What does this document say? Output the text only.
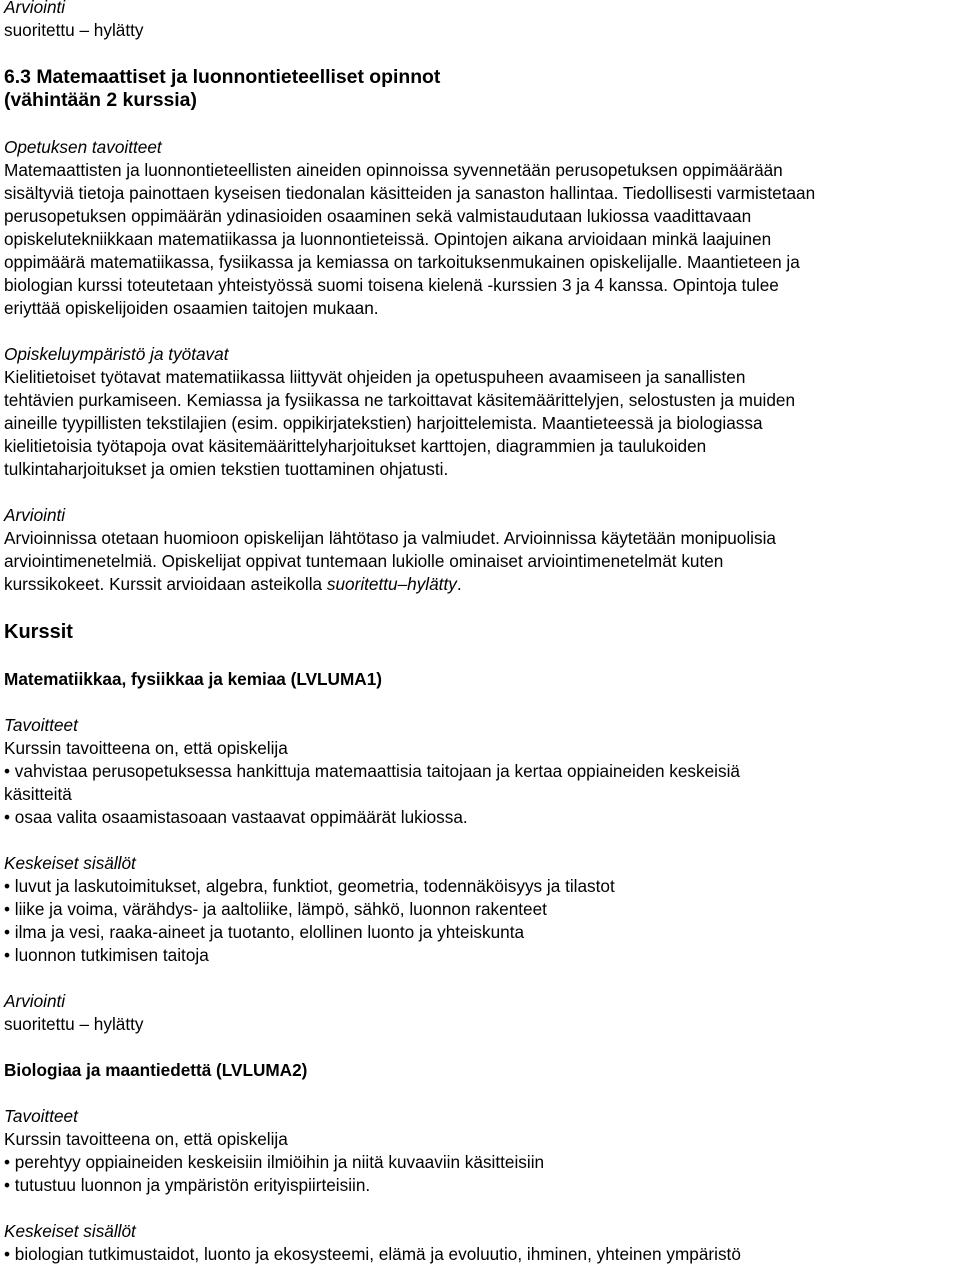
Arviointi
suoritettu – hylätty
6.3 Matemaattiset ja luonnontieteelliset opinnot
(vähintään 2 kurssia)
Opetuksen tavoitteet
Matemaattisten ja luonnontieteellisten aineiden opinnoissa syvennetään perusopetuksen oppimäärään
sisältyviä tietoja painottaen kyseisen tiedonalan käsitteiden ja sanaston hallintaa. Tiedollisesti varmistetaan
perusopetuksen oppimäärän ydinasioiden osaaminen sekä valmistaudutaan lukiossa vaadittavaan
opiskelutekniikkaan matematiikassa ja luonnontieteissä. Opintojen aikana arvioidaan minkä laajuinen
oppimäärä matematiikassa, fysiikassa ja kemiassa on tarkoituksenmukainen opiskelijalle. Maantieteen ja
biologian kurssi toteutetaan yhteistyössä suomi toisena kielenä -kurssien 3 ja 4 kanssa. Opintoja tulee
eriyttää opiskelijoiden osaamien taitojen mukaan.
Opiskeluympäristö ja työtavat
Kielitietoiset työtavat matematiikassa liittyvät ohjeiden ja opetuspuheen avaamiseen ja sanallisten
tehtävien purkamiseen. Kemiassa ja fysiikassa ne tarkoittavat käsitemäärittelyjen, selostusten ja muiden
aineille tyypillisten tekstilajien (esim. oppikirjatekstien) harjoittelemista. Maantieteessä ja biologiassa
kielitietoisia työtapoja ovat käsitemäärittelyharjoitukset karttojen, diagrammien ja taulukoiden
tulkintaharjoitukset ja omien tekstien tuottaminen ohjatusti.
Arviointi
Arvioinnissa otetaan huomioon opiskelijan lähtötaso ja valmiudet. Arvioinnissa käytetään monipuolisia
arviointimenetelmiä. Opiskelijat oppivat tuntemaan lukiolle ominaiset arviointimenetelmät kuten
kurssikokeet. Kurssit arvioidaan asteikolla suoritettu–hylätty.
Kurssit
Matematiikkaa, fysiikkaa ja kemiaa (LVLUMA1)
Tavoitteet
Kurssin tavoitteena on, että opiskelija
• vahvistaa perusopetuksessa hankittuja matemaattisia taitojaan ja kertaa oppiaineiden keskeisiä
käsitteitä
• osaa valita osaamistasoaan vastaavat oppimäärät lukiossa.
Keskeiset sisällöt
• luvut ja laskutoimitukset, algebra, funktiot, geometria, todennäköisyys ja tilastot
• liike ja voima, värähdys- ja aaltoliike, lämpö, sähkö, luonnon rakenteet
• ilma ja vesi, raaka-aineet ja tuotanto, elollinen luonto ja yhteiskunta
• luonnon tutkimisen taitoja
Arviointi
suoritettu – hylätty
Biologiaa ja maantiedettä (LVLUMA2)
Tavoitteet
Kurssin tavoitteena on, että opiskelija
• perehtyy oppiaineiden keskeisiin ilmiöihin ja niitä kuvaaviin käsitteisiin
• tutustuu luonnon ja ympäristön erityispiirteisiin.
Keskeiset sisällöt
• biologian tutkimustaidot, luonto ja ekosysteemi, elämä ja evoluutio, ihminen, yhteinen ympäristö
